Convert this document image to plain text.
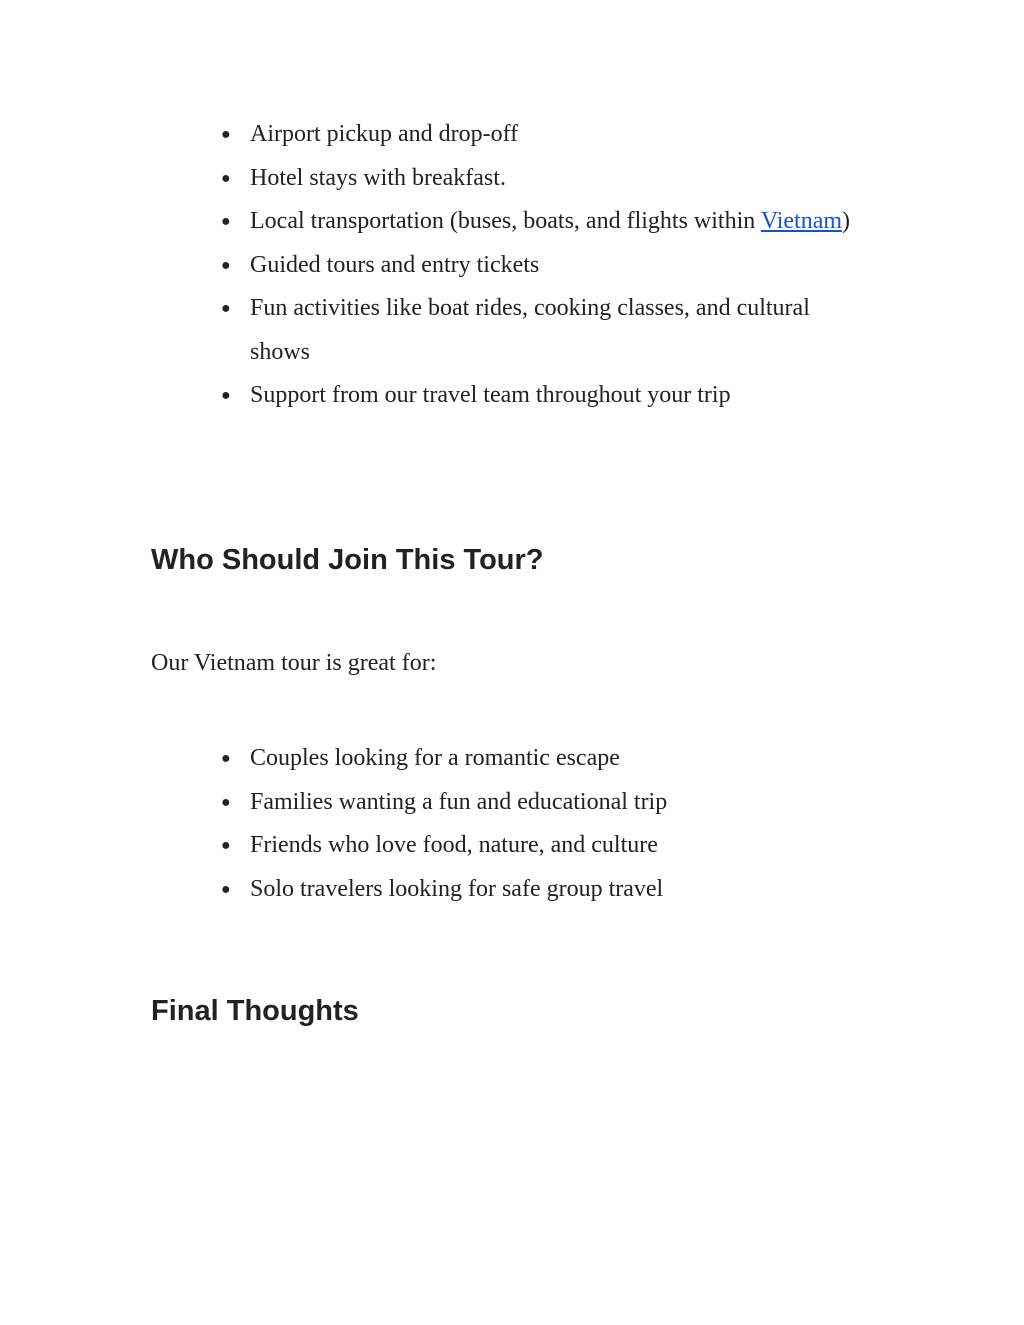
● Airport pickup and drop-off
● Hotel stays with breakfast.
● Local transportation (buses, boats, and flights within Vietnam)
● Guided tours and entry tickets
● Fun activities like boat rides, cooking classes, and cultural shows
● Support from our travel team throughout your trip
Who Should Join This Tour?

Our Vietnam tour is great for:

● Couples looking for a romantic escape
● Families wanting a fun and educational trip
● Friends who love food, nature, and culture
● Solo travelers looking for safe group travel
Final Thoughts
